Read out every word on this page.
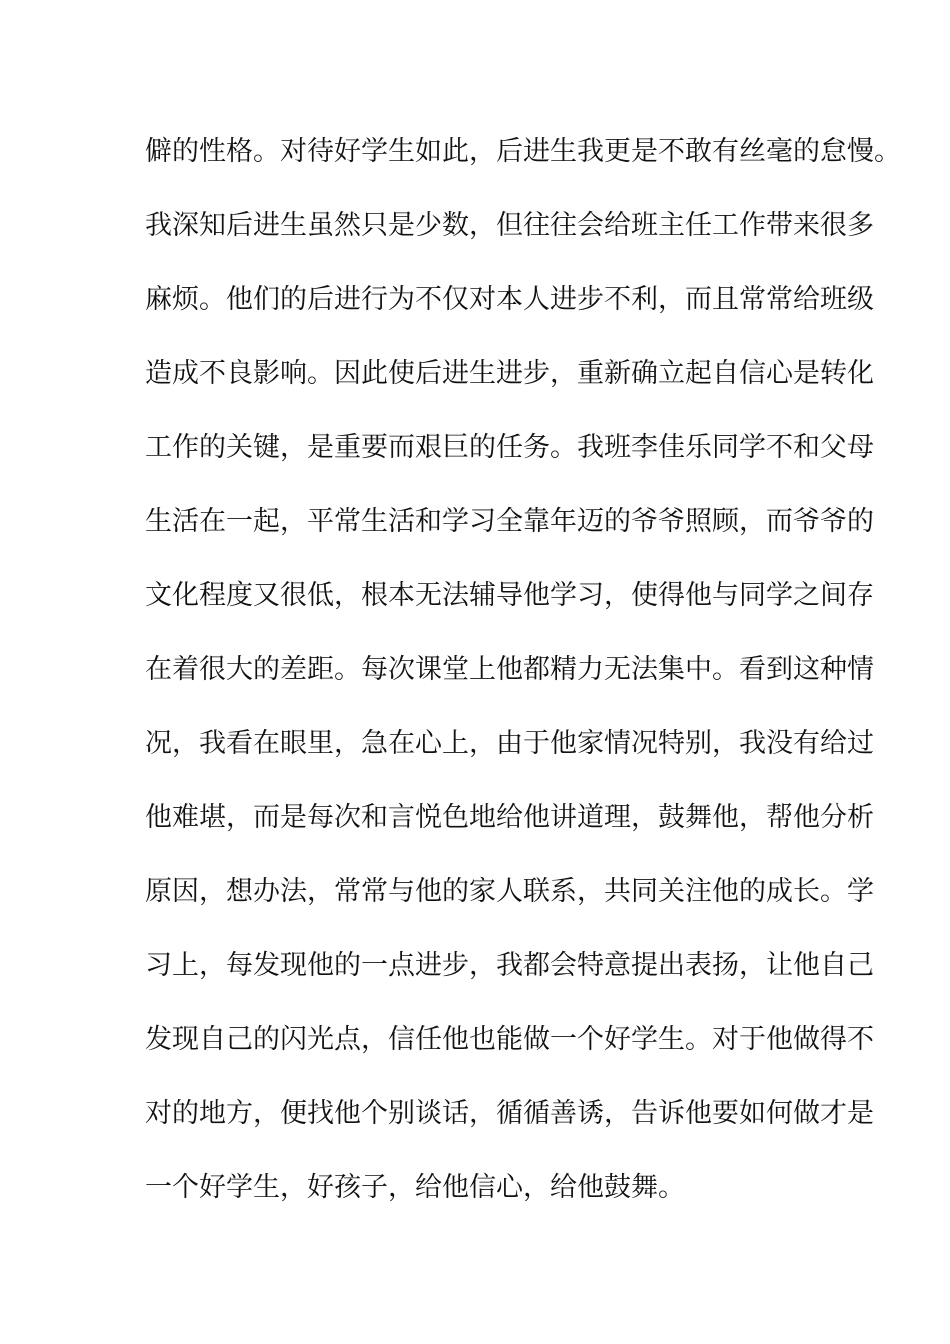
僻的性格。对待好学生如此，后进生我更是不敢有丝毫的怠慢。
我深知后进生虽然只是少数，但往往会给班主任工作带来很多
麻烦。他们的后进行为不仅对本人进步不利，而且常常给班级
造成不良影响。因此使后进生进步，重新确立起自信心是转化
工作的关键，是重要而艰巨的任务。我班李佳乐同学不和父母
生活在一起，平常生活和学习全靠年迈的爷爷照顾，而爷爷的
文化程度又很低，根本无法辅导他学习，使得他与同学之间存
在着很大的差距。每次课堂上他都精力无法集中。看到这种情
况，我看在眼里，急在心上，由于他家情况特别，我没有给过
他难堪，而是每次和言悦色地给他讲道理，鼓舞他，帮他分析
原因，想办法，常常与他的家人联系，共同关注他的成长。学
习上，每发现他的一点进步，我都会特意提出表扬，让他自己
发现自己的闪光点，信任他也能做一个好学生。对于他做得不
对的地方，便找他个别谈话，循循善诱，告诉他要如何做才是
一个好学生，好孩子，给他信心，给他鼓舞。
